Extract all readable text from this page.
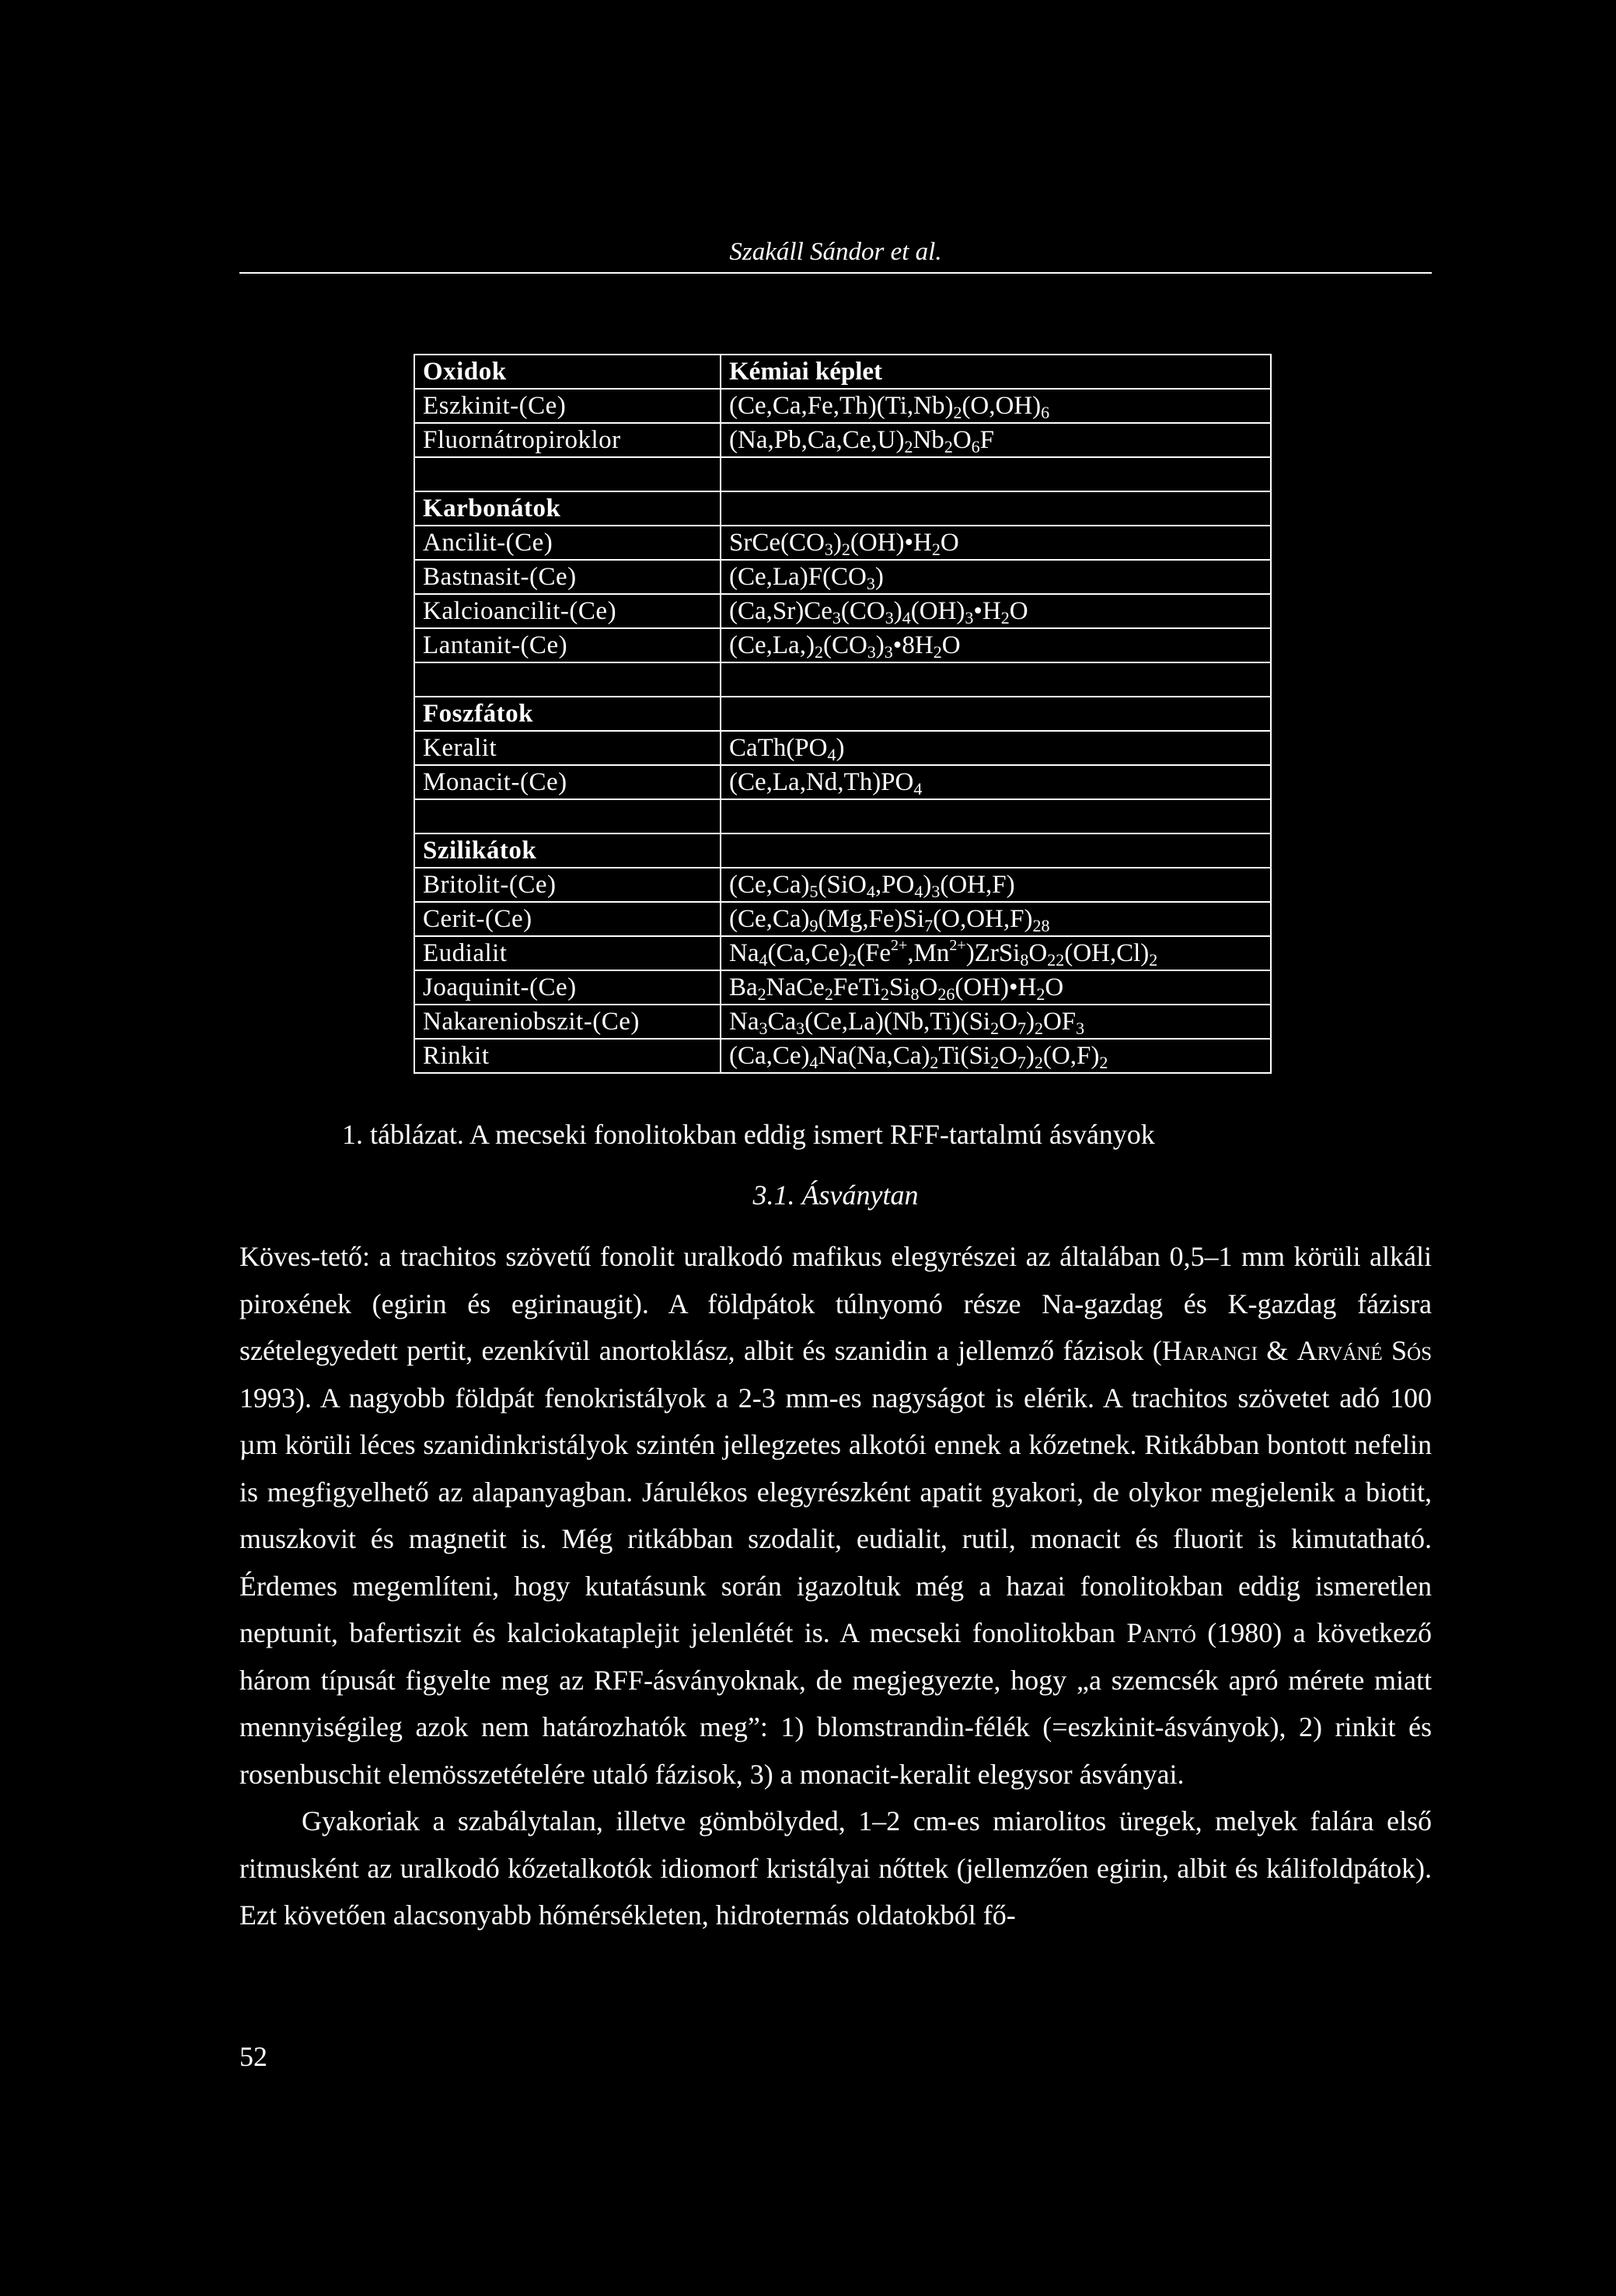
Szakáll Sándor et al.
Oxidok	Kémiai képlet
Eszkinit-(Ce)	$(Ce,Ca,Fe,Th)(Ti,Nb)_2(O,OH)_6$
Fluornátropiroklor	$(Na,Pb,Ca,Ce,U)_2Nb_2O_6F$

Karbonátok	
Ancilit-(Ce)	$SrCe(CO_3)_2(OH)•H_2O$
Bastnasit-(Ce)	$(Ce,La)F(CO_3)$
Kalcioancilit-(Ce)	$(Ca,Sr)Ce_3(CO_3)_4(OH)_3•H_2O$
Lantanit-(Ce)	$(Ce,La,)_2(CO_3)_3•8H_2O$

Foszfátok	
Keralit	$CaTh(PO_4)$
Monacit-(Ce)	$(Ce,La,Nd,Th)PO_4$

Szilikátok	
Britolit-(Ce)	$(Ce,Ca)_5(SiO_4,PO_4)_3(OH,F)$
Cerit-(Ce)	$(Ce,Ca)_9(Mg,Fe)Si_7(O,OH,F)_{28}$
Eudialit	$Na_4(Ca,Ce)_2(Fe^{2+},Mn^{2+})ZrSi_8O_{22}(OH,Cl)_2$
Joaquinit-(Ce)	$Ba_2NaCe_2FeTi_2Si_8O_{26}(OH)•H_2O$
Nakareniobszit-(Ce)	$Na_3Ca_3(Ce,La)(Nb,Ti)(Si_2O_7)_2OF_3$
Rinkit	$(Ca,Ce)_4Na(Na,Ca)_2Ti(Si_2O_7)_2(O,F)_2$
1. táblázat. A mecseki fonolitokban eddig ismert RFF-tartalmú ásványok
3.1. Ásványtan

Köves-tető: a trachitos szövetű fonolit uralkodó mafikus elegyrészei az általában 0,5–1 mm körüli alkáli piroxének (egirin és egirinaugit). A földpátok túlnyomó része Na-gazdag és K-gazdag fázisra szételegyedett pertit, ezenkívül anortoklász, albit és szanidin a jellemző fázisok (Harangi & Arváné Sós 1993). A nagyobb földpát fenokristályok a 2-3 mm-es nagyságot is elérik. A trachitos szövetet adó 100 µm körüli léces szanidinkristályok szintén jellegzetes alkotói ennek a kőzetnek. Ritkábban bontott nefelin is megfigyelhető az alapanyagban. Járulékos elegyrészként apatit gyakori, de olykor megjelenik a biotit, muszkovit és magnetit is. Még ritkábban szodalit, eudialit, rutil, monacit és fluorit is kimutatható. Érdemes megemlíteni, hogy kutatásunk során igazoltuk még a hazai fonolitokban eddig ismeretlen neptunit, bafertiszit és kalciokataplejit jelenlétét is. A mecseki fonolitokban Pantó (1980) a következő három típusát figyelte meg az RFF-ásványoknak, de megjegyezte, hogy „a szemcsék apró mérete miatt mennyiségileg azok nem határozhatók meg”: 1) blomstrandin-félék (=eszkinit-ásványok), 2) rinkit és rosenbuschit elemösszetételére utaló fázisok, 3) a monacit-keralit elegysor ásványai.

Gyakoriak a szabálytalan, illetve gömbölyded, 1–2 cm-es miarolitos üregek, melyek falára első ritmusként az uralkodó kőzetalkotók idiomorf kristályai nőttek (jellemzően egirin, albit és kálifoldpátok). Ezt követően alacsonyabb hőmérsékleten, hidrotermás oldatokból fő-

52
